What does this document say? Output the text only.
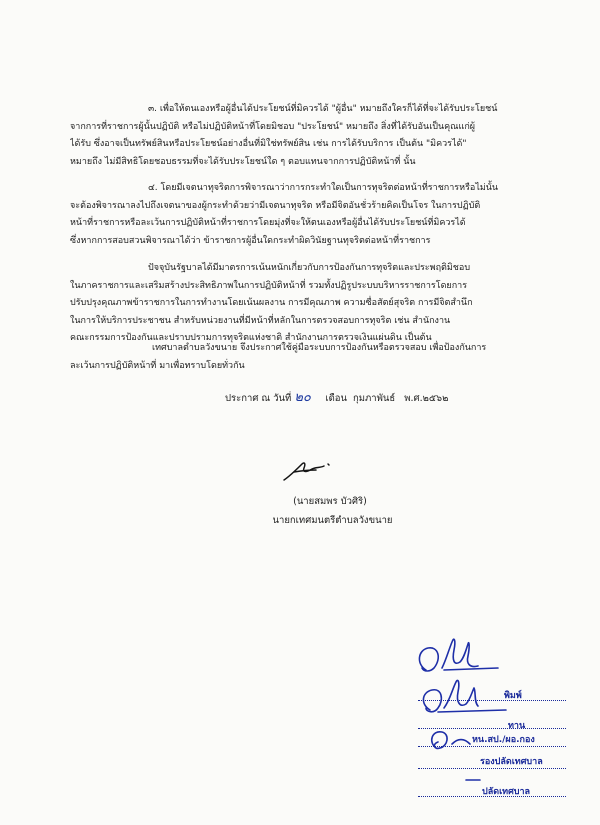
๓. เพื่อให้ตนเองหรือผู้อื่นได้ประโยชน์ที่มิควรได้ "ผู้อื่น" หมายถึงใครก็ได้ที่จะได้รับประโยชน์
จากการที่ราชการผู้นั้นปฏิบัติ หรือไม่ปฏิบัติหน้าที่โดยมิชอบ "ประโยชน์" หมายถึง สิ่งที่ได้รับอันเป็นคุณแก่ผู้
ได้รับ ซึ่งอาจเป็นทรัพย์สินหรือประโยชน์อย่างอื่นที่มิใช่ทรัพย์สิน เช่น การได้รับบริการ เป็นต้น "มิควรได้"
หมายถึง ไม่มีสิทธิโดยชอบธรรมที่จะได้รับประโยชน์ใด ๆ ตอบแทนจากการปฏิบัติหน้าที่ นั้น
๔. โดยมีเจตนาทุจริตการพิจารณาว่าการกระทำใดเป็นการทุจริตต่อหน้าที่ราชการหรือไม่นั้น
จะต้องพิจารณาลงไปถึงเจตนาของผู้กระทำด้วยว่ามีเจตนาทุจริต หรือมีจิตอันชั่วร้ายคิดเป็นโจร ในการปฏิบัติ
หน้าที่ราชการหรือละเว้นการปฏิบัติหน้าที่ราชการโดยมุ่งที่จะให้ตนเองหรือผู้อื่นได้รับประโยชน์ที่มิควรได้
ซึ่งหากการสอบสวนพิจารณาได้ว่า ข้าราชการผู้อื่นใดกระทำผิดวินัยฐานทุจริตต่อหน้าที่ราชการ
ปัจจุบันรัฐบาลได้มีมาตรการเน้นหนักเกี่ยวกับการป้องกันการทุจริตและประพฤติมิชอบ
ในภาคราชการและเสริมสร้างประสิทธิภาพในการปฏิบัติหน้าที่ รวมทั้งปฏิรูประบบบริหารราชการโดยการ
ปรับปรุงคุณภาพข้าราชการในการทำงานโดยเน้นผลงาน การมีคุณภาพ ความซื่อสัตย์สุจริต การมีจิตสำนึก
ในการให้บริการประชาชน สำหรับหน่วยงานที่มีหน้าที่หลักในการตรวจสอบการทุจริต เช่น สำนักงาน
คณะกรรมการป้องกันและปราบปรามการทุจริตแห่งชาติ สำนักงานการตรวจเงินแผ่นดิน เป็นต้น
เทศบาลตำบลวังขนาย จึงประกาศใช้คู่มือระบบการป้องกันหรือตรวจสอบ เพื่อป้องกันการ
ละเว้นการปฏิบัติหน้าที่ มาเพื่อทราบโดยทั่วกัน
ประกาศ ณ วันที่ ๒๐ เดือน กุมภาพันธ์ พ.ศ.๒๕๖๒
(นายสมพร บัวศิริ)
นายกเทศมนตรีตำบลวังขนาย
พิมพ์
ทาน
หน.สป./ผอ.กอง
รองปลัดเทศบาล
ปลัดเทศบาล
